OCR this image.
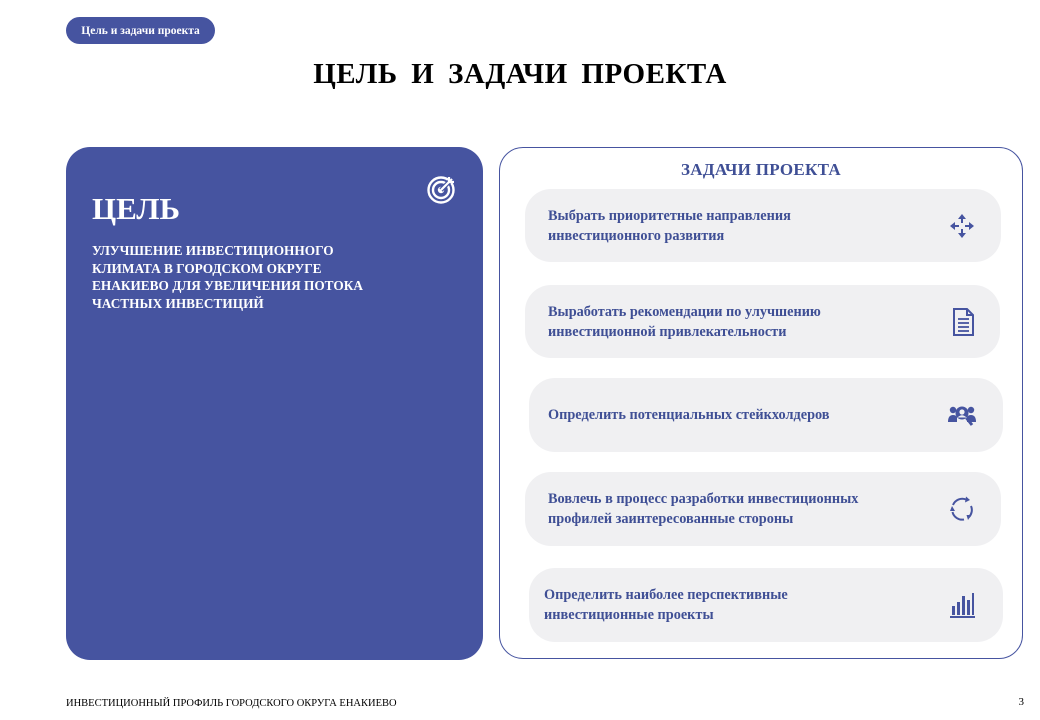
Цель и задачи проекта
ЦЕЛЬ И ЗАДАЧИ ПРОЕКТА
ЦЕЛЬ

УЛУЧШЕНИЕ ИНВЕСТИЦИОННОГО КЛИМАТА В ГОРОДСКОМ ОКРУГЕ ЕНАКИЕВО ДЛЯ УВЕЛИЧЕНИЯ ПОТОКА ЧАСТНЫХ ИНВЕСТИЦИЙ

ЗАДАЧИ ПРОЕКТА
Выбрать приоритетные направления инвестиционного развития
Выработать рекомендации по улучшению инвестиционной привлекательности
Определить потенциальных стейкхолдеров
Вовлечь в процесс разработки инвестиционных профилей заинтересованные стороны
Определить наиболее перспективные инвестиционные проекты
ИНВЕСТИЦИОННЫЙ ПРОФИЛЬ ГОРОДСКОГО ОКРУГА ЕНАКИЕВО	3
